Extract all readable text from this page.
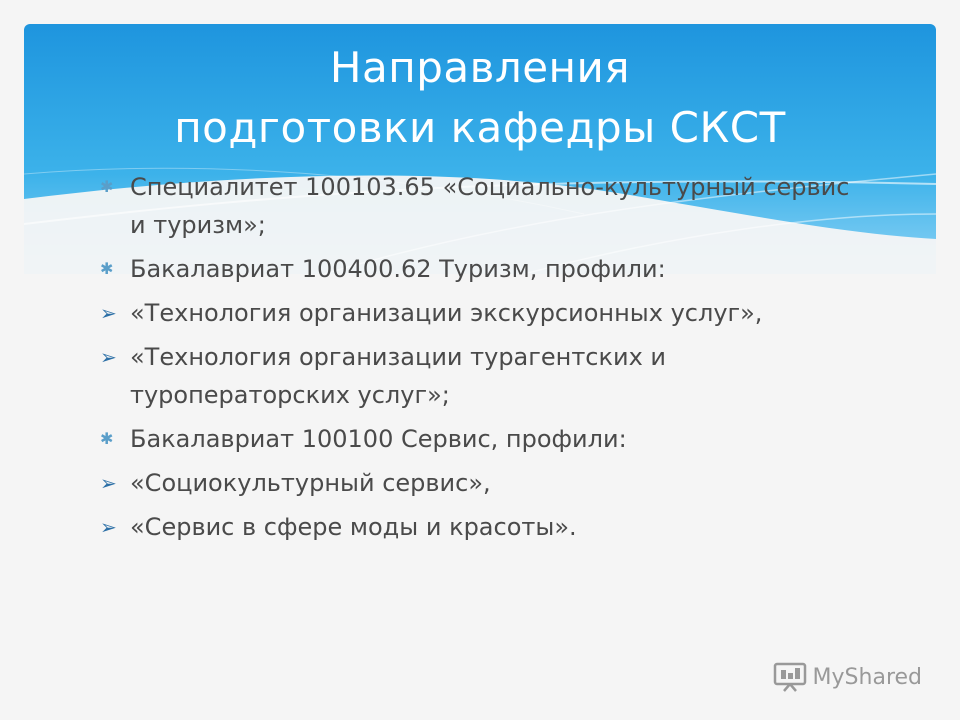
Направления
подготовки кафедры СКСТ
✱ Специалитет 100103.65 «Социально-культурный сервис и туризм»;
✱ Бакалавриат 100400.62 Туризм, профили:
➢ «Технология организации экскурсионных услуг»,
➢ «Технология организации турагентских и туроператорских услуг»;
✱ Бакалавриат 100100 Сервис, профили:
➢ «Социокультурный сервис»,
➢ «Сервис в сфере моды и красоты».
MyShared
